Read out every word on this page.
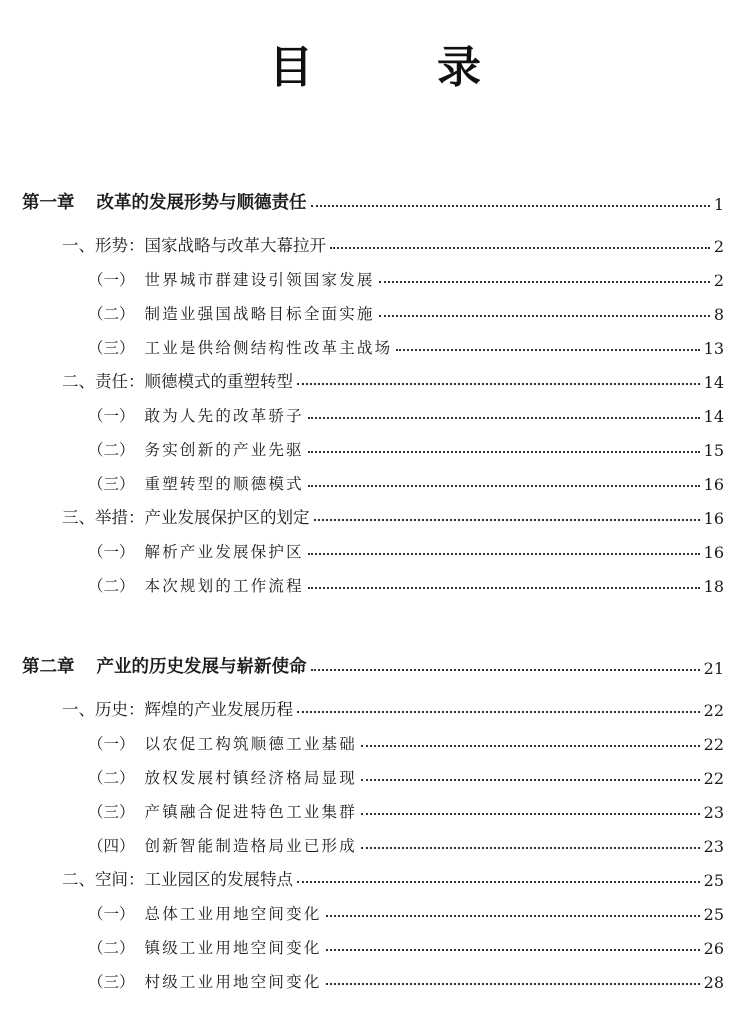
目　录
第一章 改革的发展形势与顺德责任	1
一、形势：国家战略与改革大幕拉开	2
（一） 世界城市群建设引领国家发展	2
（二） 制造业强国战略目标全面实施	8
（三） 工业是供给侧结构性改革主战场	13
二、责任：顺德模式的重塑转型	14
（一） 敢为人先的改革骄子	14
（二） 务实创新的产业先驱	15
（三） 重塑转型的顺德模式	16
三、举措：产业发展保护区的划定	16
（一） 解析产业发展保护区	16
（二） 本次规划的工作流程	18
第二章 产业的历史发展与崭新使命	21
一、历史：辉煌的产业发展历程	22
（一） 以农促工构筑顺德工业基础	22
（二） 放权发展村镇经济格局显现	22
（三） 产镇融合促进特色工业集群	23
（四） 创新智能制造格局业已形成	23
二、空间：工业园区的发展特点	25
（一） 总体工业用地空间变化	25
（二） 镇级工业用地空间变化	26
（三） 村级工业用地空间变化	28
